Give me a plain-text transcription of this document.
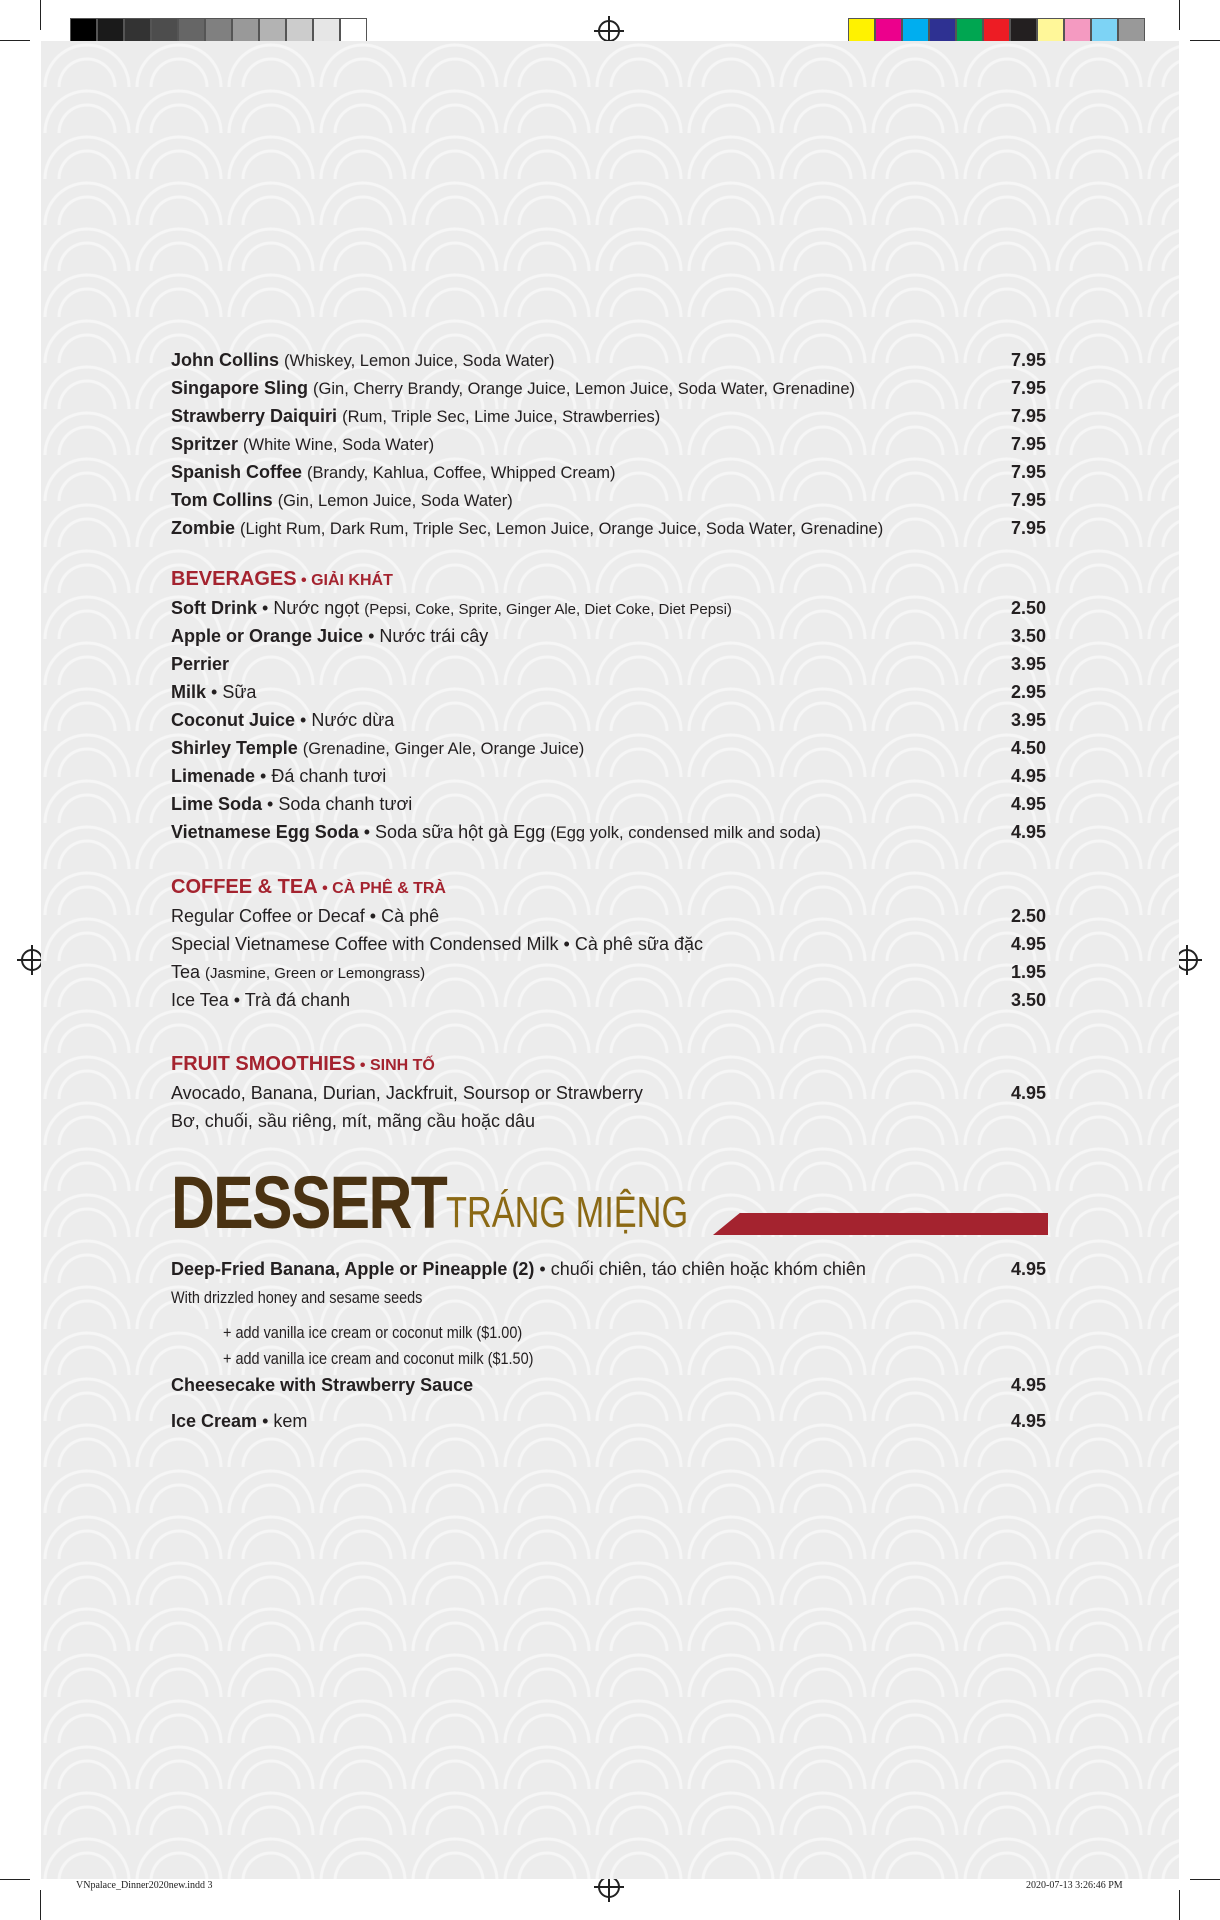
John Collins (Whiskey, Lemon Juice, Soda Water)	7.95
Singapore Sling (Gin, Cherry Brandy, Orange Juice, Lemon Juice, Soda Water, Grenadine)	7.95
Strawberry Daiquiri (Rum, Triple Sec, Lime Juice, Strawberries)	7.95
Spritzer (White Wine, Soda Water)	7.95
Spanish Coffee (Brandy, Kahlua, Coffee, Whipped Cream)	7.95
Tom Collins (Gin, Lemon Juice, Soda Water)	7.95
Zombie (Light Rum, Dark Rum, Triple Sec, Lemon Juice, Orange Juice, Soda Water, Grenadine)	7.95
BEVERAGES • GIẢI KHÁT
Soft Drink • Nước ngọt (Pepsi, Coke, Sprite, Ginger Ale, Diet Coke, Diet Pepsi)	2.50
Apple or Orange Juice • Nước trái cây	3.50
Perrier	3.95
Milk • Sữa	2.95
Coconut Juice • Nước dừa	3.95
Shirley Temple (Grenadine, Ginger Ale, Orange Juice)	4.50
Limenade • Đá chanh tươi	4.95
Lime Soda • Soda chanh tươi	4.95
Vietnamese Egg Soda • Soda sữa hột gà Egg (Egg yolk, condensed milk and soda)	4.95
COFFEE & TEA • CÀ PHÊ & TRÀ
Regular Coffee or Decaf • Cà phê	2.50
Special Vietnamese Coffee with Condensed Milk • Cà phê sữa đặc	4.95
Tea (Jasmine, Green or Lemongrass)	1.95
Ice Tea • Trà đá chanh	3.50
FRUIT SMOOTHIES • SINH TỐ
Avocado, Banana, Durian, Jackfruit, Soursop or Strawberry	4.95
Bơ, chuối, sầu riêng, mít, mãng cầu hoặc dâu
DESSERT TRÁNG MIỆNG
Deep-Fried Banana, Apple or Pineapple (2) • chuối chiên, táo chiên hoặc khóm chiên	4.95
With drizzled honey and sesame seeds
+ add vanilla ice cream or coconut milk ($1.00)
+ add vanilla ice cream and coconut milk ($1.50)
Cheesecake with Strawberry Sauce	4.95
Ice Cream • kem	4.95
VNpalace_Dinner2020new.indd 3	2020-07-13 3:26:46 PM
